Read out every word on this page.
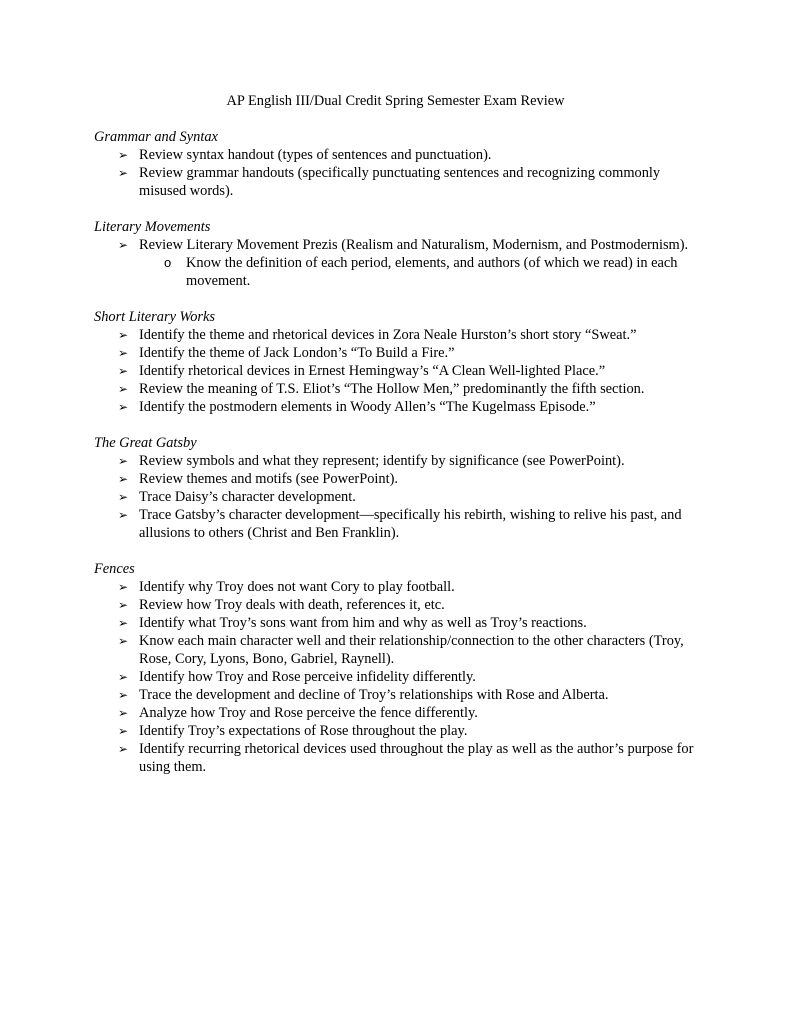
AP English III/Dual Credit Spring Semester Exam Review
Grammar and Syntax
➢ Review syntax handout (types of sentences and punctuation).
➢ Review grammar handouts (specifically punctuating sentences and recognizing commonly misused words).
Literary Movements
➢ Review Literary Movement Prezis (Realism and Naturalism, Modernism, and Postmodernism).
o Know the definition of each period, elements, and authors (of which we read) in each movement.
Short Literary Works
➢ Identify the theme and rhetorical devices in Zora Neale Hurston’s short story “Sweat.”
➢ Identify the theme of Jack London’s “To Build a Fire.”
➢ Identify rhetorical devices in Ernest Hemingway’s “A Clean Well-lighted Place.”
➢ Review the meaning of T.S. Eliot’s “The Hollow Men,” predominantly the fifth section.
➢ Identify the postmodern elements in Woody Allen’s “The Kugelmass Episode.”
The Great Gatsby
➢ Review symbols and what they represent; identify by significance (see PowerPoint).
➢ Review themes and motifs (see PowerPoint).
➢ Trace Daisy’s character development.
➢ Trace Gatsby’s character development—specifically his rebirth, wishing to relive his past, and allusions to others (Christ and Ben Franklin).
Fences
➢ Identify why Troy does not want Cory to play football.
➢ Review how Troy deals with death, references it, etc.
➢ Identify what Troy’s sons want from him and why as well as Troy’s reactions.
➢ Know each main character well and their relationship/connection to the other characters (Troy, Rose, Cory, Lyons, Bono, Gabriel, Raynell).
➢ Identify how Troy and Rose perceive infidelity differently.
➢ Trace the development and decline of Troy’s relationships with Rose and Alberta.
➢ Analyze how Troy and Rose perceive the fence differently.
➢ Identify Troy’s expectations of Rose throughout the play.
➢ Identify recurring rhetorical devices used throughout the play as well as the author’s purpose for using them.
